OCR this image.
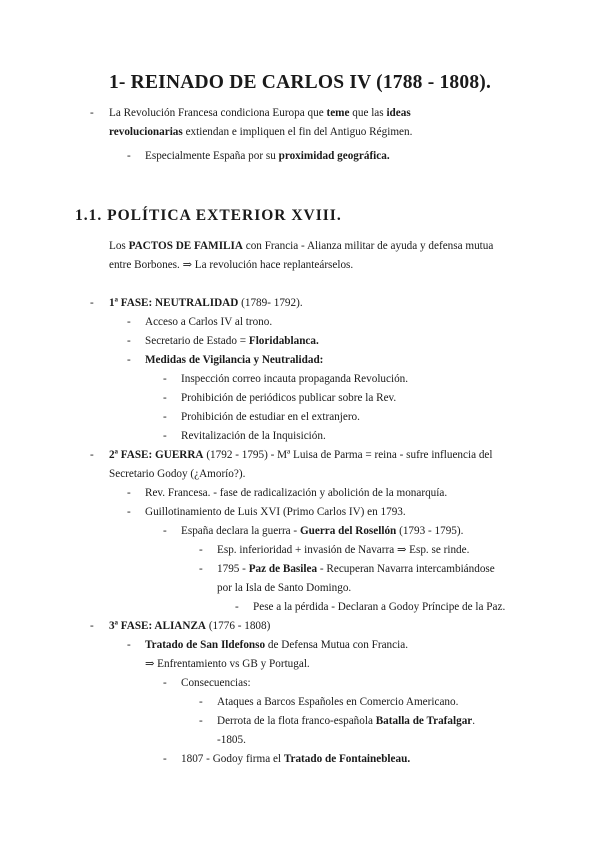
1- REINADO DE CARLOS IV (1788 - 1808).
- La Revolución Francesa condiciona Europa que teme que las ideas
revolucionarias extiendan e impliquen el fin del Antiguo Régimen.
- Especialmente España por su proximidad geográfica.
1.1. POLÍTICA EXTERIOR XVIII.
Los PACTOS DE FAMILIA con Francia - Alianza militar de ayuda y defensa mutua
entre Borbones. ⇒ La revolución hace replanteárselos.
- 1ª FASE: NEUTRALIDAD (1789- 1792).
- Acceso a Carlos IV al trono.
- Secretario de Estado = Floridablanca.
- Medidas de Vigilancia y Neutralidad:
- Inspección correo incauta propaganda Revolución.
- Prohibición de periódicos publicar sobre la Rev.
- Prohibición de estudiar en el extranjero.
- Revitalización de la Inquisición.
- 2ª FASE: GUERRA (1792 - 1795) - Mª Luisa de Parma = reina - sufre influencia del
Secretario Godoy (¿Amorío?).
- Rev. Francesa. - fase de radicalización y abolición de la monarquía.
- Guillotinamiento de Luis XVI (Primo Carlos IV) en 1793.
- España declara la guerra - Guerra del Rosellón (1793 - 1795).
- Esp. inferioridad + invasión de Navarra ⇒ Esp. se rinde.
- 1795 - Paz de Basilea - Recuperan Navarra intercambiándose
por la Isla de Santo Domingo.
- Pese a la pérdida - Declaran a Godoy Príncipe de la Paz.
- 3ª FASE: ALIANZA (1776 - 1808)
- Tratado de San Ildefonso de Defensa Mutua con Francia.
⇒ Enfrentamiento vs GB y Portugal.
- Consecuencias:
- Ataques a Barcos Españoles en Comercio Americano.
- Derrota de la flota franco-española Batalla de Trafalgar.
-1805.
- 1807 - Godoy firma el Tratado de Fontainebleau.
